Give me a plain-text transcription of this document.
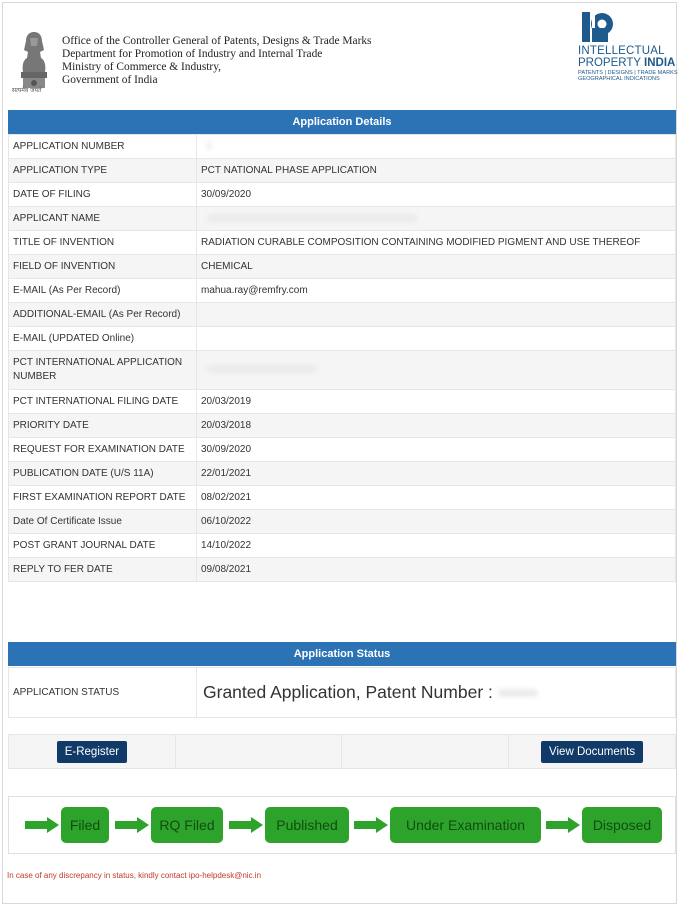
सत्यमेव जयते
Office of the Controller General of Patents, Designs & Trade Marks
Department for Promotion of Industry and Internal Trade
Ministry of Commerce & Industry,
Government of India
INTELLECTUAL
PROPERTY INDIA
PATENTS | DESIGNS | TRADE MARKS
GEOGRAPHICAL INDICATIONS
Application Details
APPLICATION NUMBER	
APPLICATION TYPE	PCT NATIONAL PHASE APPLICATION
DATE OF FILING	30/09/2020
APPLICANT NAME	
TITLE OF INVENTION	RADIATION CURABLE COMPOSITION CONTAINING MODIFIED PIGMENT AND USE THEREOF
FIELD OF INVENTION	CHEMICAL
E-MAIL (As Per Record)	mahua.ray@remfry.com
ADDITIONAL-EMAIL (As Per Record)	
E-MAIL (UPDATED Online)	
PCT INTERNATIONAL APPLICATION NUMBER	
PCT INTERNATIONAL FILING DATE	20/03/2019
PRIORITY DATE	20/03/2018
REQUEST FOR EXAMINATION DATE	30/09/2020
PUBLICATION DATE (U/S 11A)	22/01/2021
FIRST EXAMINATION REPORT DATE	08/02/2021
Date Of Certificate Issue	06/10/2022
POST GRANT JOURNAL DATE	14/10/2022
REPLY TO FER DATE	09/08/2021
Application Status
APPLICATION STATUS	Granted Application, Patent Number :
E-Register			View Documents
Filed	RQ Filed	Published	Under Examination	Disposed
In case of any discrepancy in status, kindly contact ipo-helpdesk@nic.in
